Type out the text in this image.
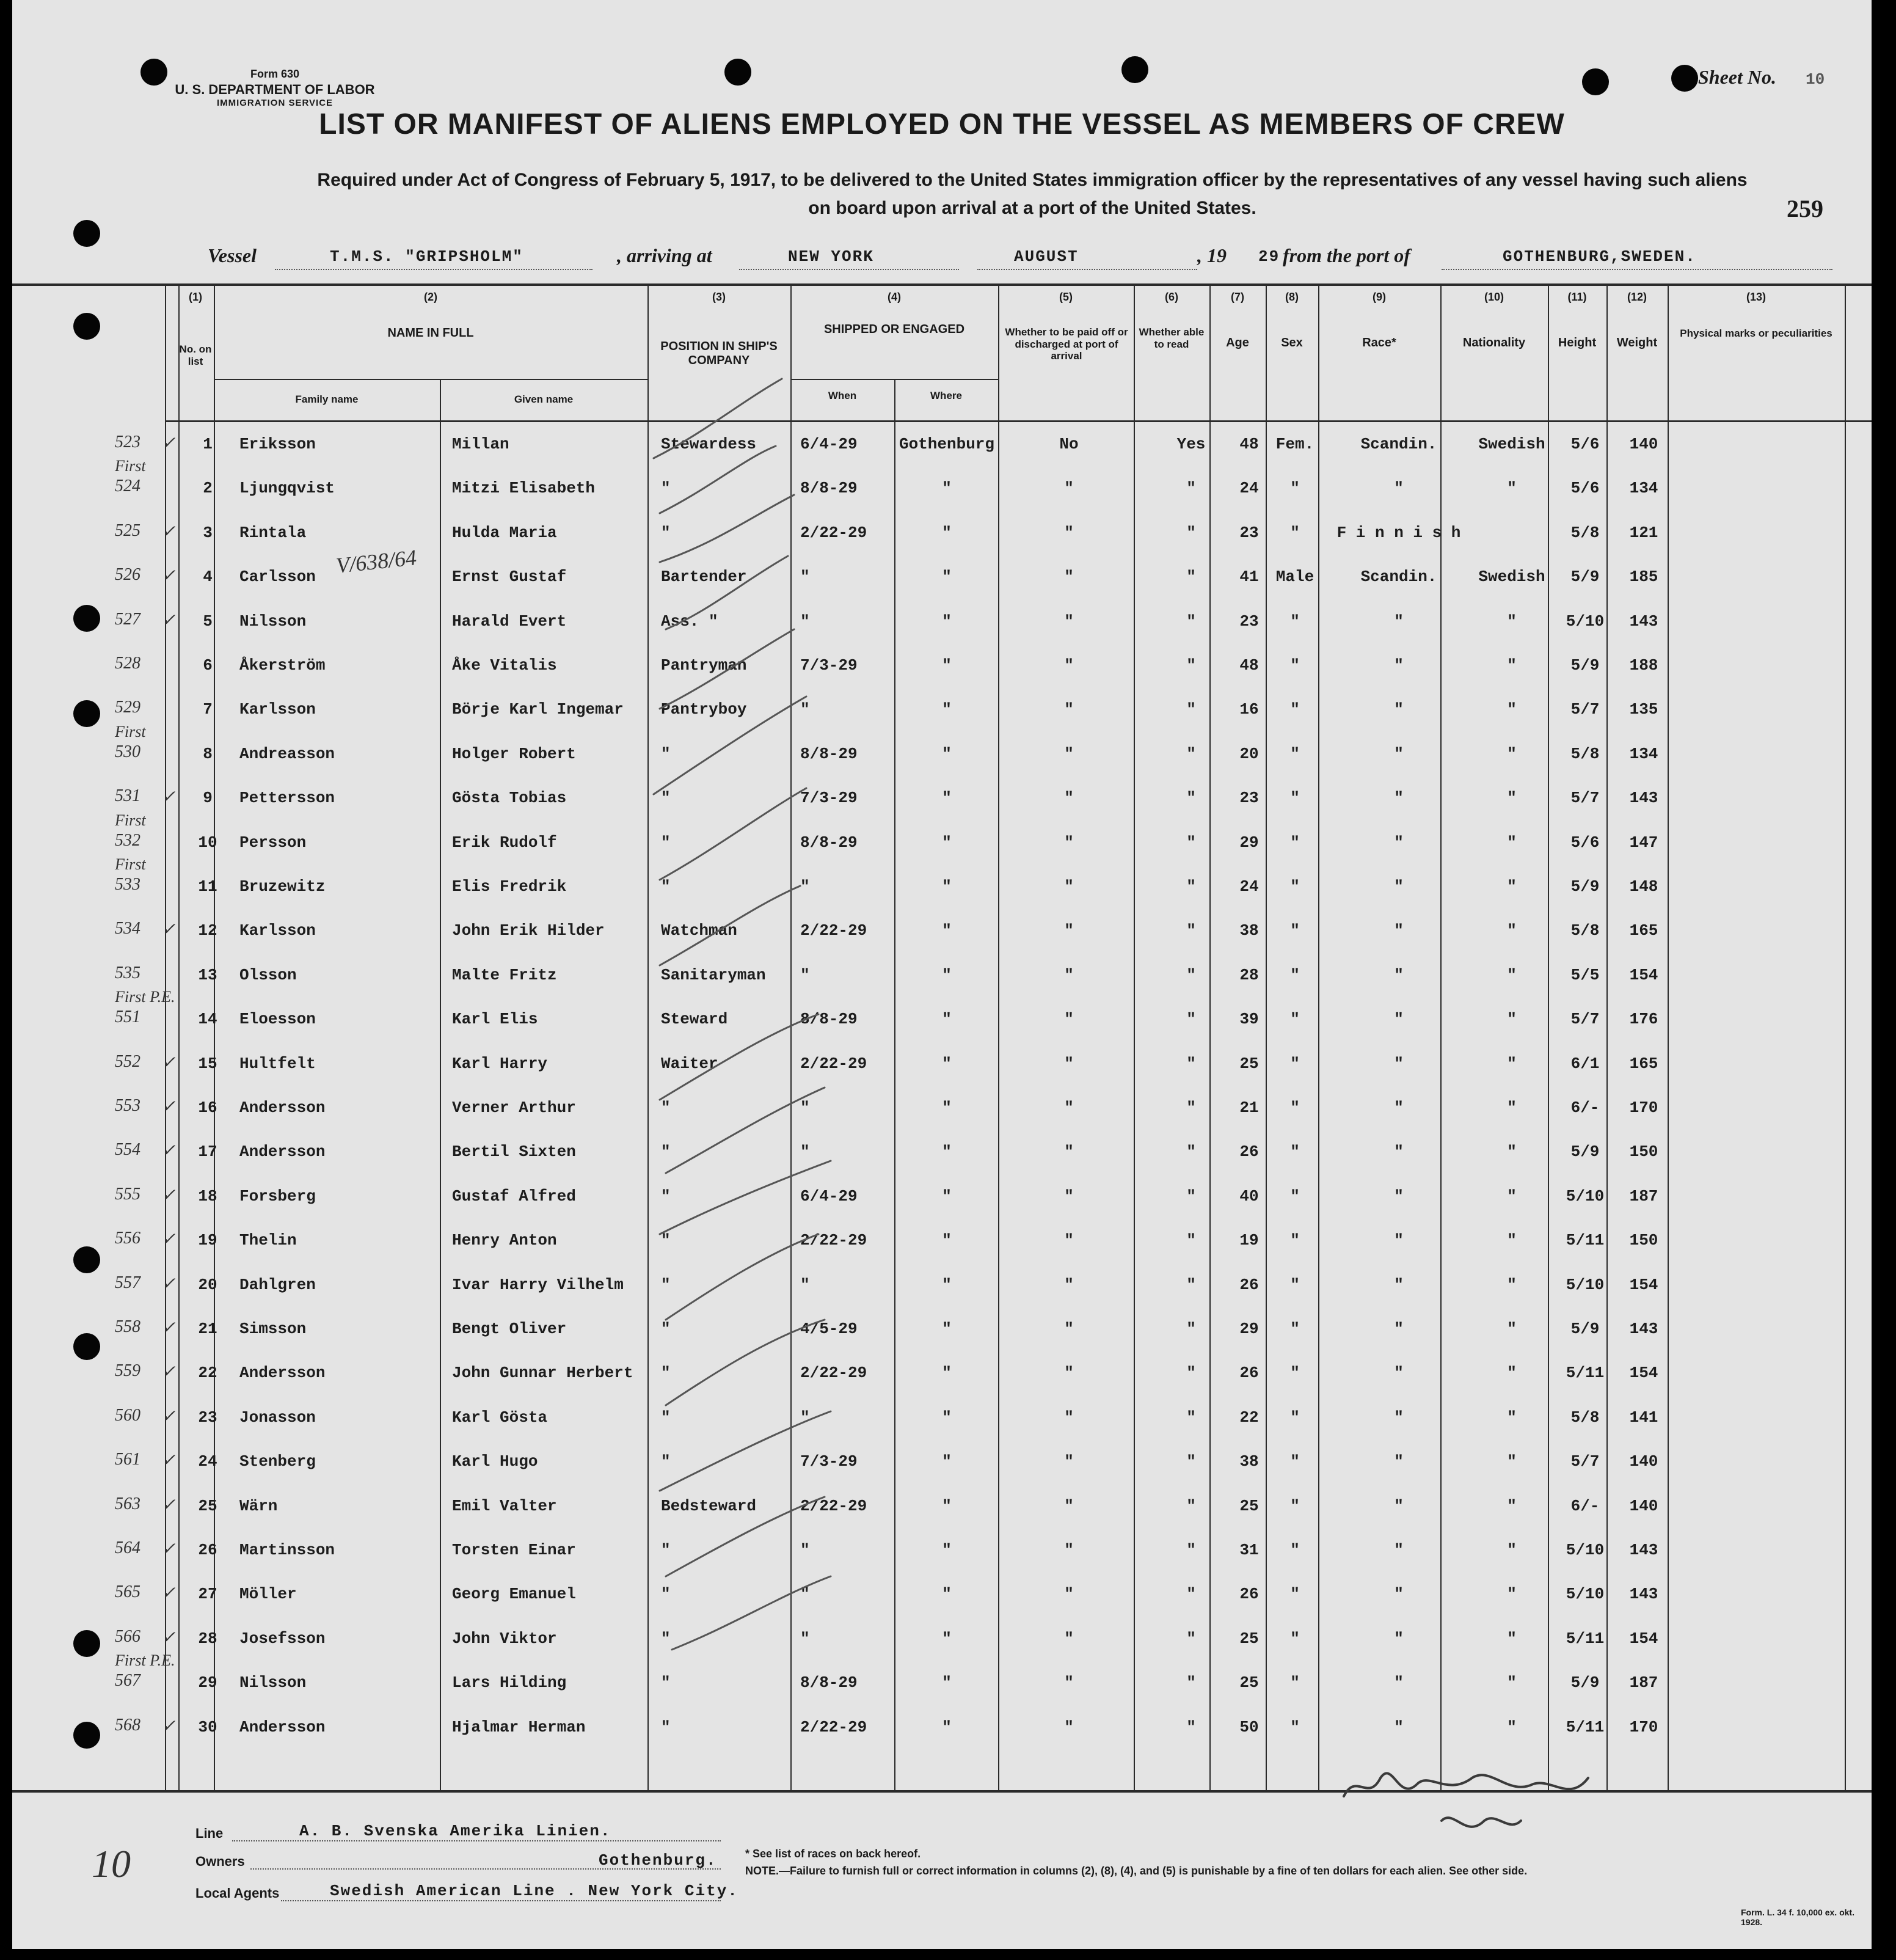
Form 630
U. S. DEPARTMENT OF LABOR
IMMIGRATION SERVICE
Sheet No. 10
LIST OR MANIFEST OF ALIENS EMPLOYED ON THE VESSEL AS MEMBERS OF CREW
Required under Act of Congress of February 5, 1917, to be delivered to the United States immigration officer by the representatives of any vessel having such aliens
on board upon arrival at a port of the United States.	259
Vessel	T.M.S. "GRIPSHOLM"	, arriving at	NEW YORK	AUGUST	, 19 29 from the port of	GOTHENBURG,SWEDEN.
(1)
No. on list
(2)
NAME IN FULL
Family name	Given name
(3)
POSITION IN SHIP'S COMPANY
(4)
SHIPPED OR ENGAGED
When	Where
(5)
Whether to be paid off or discharged at port of arrival
(6)
Whether able to read
(7)
Age
(8)
Sex
(9)
Race*
(10)
Nationality
(11)
Height
(12)
Weight
(13)
Physical marks or peculiarities
523 ✓	1	Eriksson	Millan	Stewardess	6/4-29	Gothenburg	No	Yes	48	Fem.	Scandin.	Swedish	5/6	140
524
First
2	Ljungqvist	Mitzi Elisabeth	"	8/8-29	"	"	"	24	"	"	"	5/6	134
525 ✓	3	Rintala	Hulda Maria	"	2/22-29	"	"	"	23	"	F i n n i s h	5/8	121
526 ✓	4	Carlsson	Ernst Gustaf	Bartender	"	"	"	"	41	Male	Scandin.	Swedish	5/9	185
527 ✓	5	Nilsson	Harald Evert	Ass. "	"	"	"	"	23	"	"	"	5/10	143
528	6	Åkerström	Åke Vitalis	Pantryman	7/3-29	"	"	"	48	"	"	"	5/9	188
529	7	Karlsson	Börje Karl Ingemar	Pantryboy	"	"	"	"	16	"	"	"	5/7	135
530
First
8	Andreasson	Holger Robert	"	8/8-29	"	"	"	20	"	"	"	5/8	134
531 ✓	9	Pettersson	Gösta Tobias	"	7/3-29	"	"	"	23	"	"	"	5/7	143
532
First
10 Persson	Erik Rudolf	"	8/8-29	"	"	"	29	"	"	"	5/6	147
533
First
11 Bruzewitz	Elis Fredrik	"	"	"	"	"	24	"	"	"	5/9	148
534 ✓ 12 Karlsson	John Erik Hilder	Watchman	2/22-29	"	"	"	38	"	"	"	5/8	165
535	13 Olsson	Malte Fritz	Sanitaryman	"	"	"	"	28	"	"	"	5/5	154
551
First P.E.
14 Eloesson	Karl Elis	Steward	8/8-29	"	"	"	39	"	"	"	5/7	176
552 ✓ 15 Hultfelt	Karl Harry	Waiter	2/22-29	"	"	"	25	"	"	"	6/1	165
553 ✓ 16 Andersson	Verner Arthur	"	"	"	"	"	21	"	"	"	6/-	170
554 ✓ 17 Andersson	Bertil Sixten	"	"	"	"	"	26	"	"	"	5/9	150
555 ✓ 18 Forsberg	Gustaf Alfred	"	6/4-29	"	"	"	40	"	"	"	5/10	187
556 ✓ 19 Thelin	Henry Anton	"	2/22-29	"	"	"	19	"	"	"	5/11	150
557 ✓ 20 Dahlgren	Ivar Harry Vilhelm	"	"	"	"	"	26	"	"	"	5/10	154
558 ✓ 21 Simsson	Bengt Oliver	"	4/5-29	"	"	"	29	"	"	"	5/9	143
559 ✓ 22 Andersson	John Gunnar Herbert	"	2/22-29	"	"	"	26	"	"	"	5/11	154
560 ✓ 23 Jonasson	Karl Gösta	"	"	"	"	"	22	"	"	"	5/8	141
561 ✓ 24 Stenberg	Karl Hugo	"	7/3-29	"	"	"	38	"	"	"	5/7	140
563 ✓ 25 Wärn	Emil Valter	Bedsteward	2/22-29	"	"	"	25	"	"	"	6/-	140
564 ✓ 26 Martinsson	Torsten Einar	"	"	"	"	"	31	"	"	"	5/10	143
565 ✓ 27 Möller	Georg Emanuel	"	"	"	"	"	26	"	"	"	5/10	143
566 ✓ 28 Josefsson	John Viktor	"	"	"	"	"	25	"	"	"	5/11	154
567
First P.E.
29 Nilsson	Lars Hilding	"	8/8-29	"	"	"	25	"	"	"	5/9	187
568 ✓ 30 Andersson	Hjalmar Herman	"	2/22-29	"	"	"	50	"	"	"	5/11	170
V/638/64
Line	A. B. Svenska Amerika Linien.
Owners	Gothenburg.
Local Agents	Swedish American Line . New York City.
* See list of races on back hereof.
NOTE.—Failure to furnish full or correct information in columns (2), (8), (4), and (5) is punishable by a fine of ten dollars for each alien. See other side.
10
Form. L. 34 f. 10,000 ex. okt. 1928.
